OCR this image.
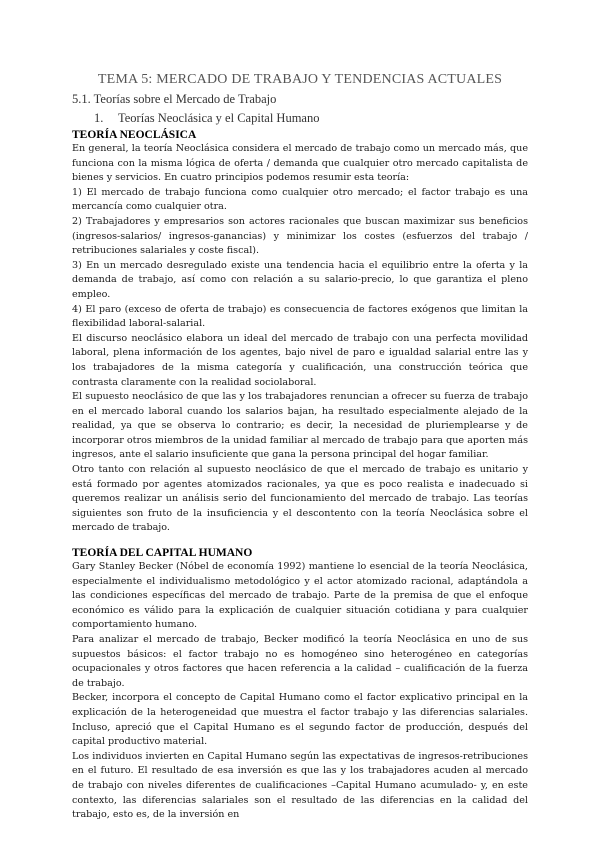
TEMA 5: MERCADO DE TRABAJO Y TENDENCIAS ACTUALES
5.1. Teorías sobre el Mercado de Trabajo
1. Teorías Neoclásica y el Capital Humano
TEORÍA NEOCLÁSICA

En general, la teoría Neoclásica considera el mercado de trabajo como un mercado más, que funciona con la misma lógica de oferta / demanda que cualquier otro mercado capitalista de bienes y servicios. En cuatro principios podemos resumir esta teoría:

1) El mercado de trabajo funciona como cualquier otro mercado; el factor trabajo es una mercancía como cualquier otra.

2) Trabajadores y empresarios son actores racionales que buscan maximizar sus beneficios (ingresos-salarios/ ingresos-ganancias) y minimizar los costes (esfuerzos del trabajo / retribuciones salariales y coste fiscal).

3) En un mercado desregulado existe una tendencia hacia el equilibrio entre la oferta y la demanda de trabajo, así como con relación a su salario-precio, lo que garantiza el pleno empleo.

4) El paro (exceso de oferta de trabajo) es consecuencia de factores exógenos que limitan la flexibilidad laboral-salarial.

El discurso neoclásico elabora un ideal del mercado de trabajo con una perfecta movilidad laboral, plena información de los agentes, bajo nivel de paro e igualdad salarial entre las y los trabajadores de la misma categoría y cualificación, una construcción teórica que contrasta claramente con la realidad sociolaboral.

El supuesto neoclásico de que las y los trabajadores renuncian a ofrecer su fuerza de trabajo en el mercado laboral cuando los salarios bajan, ha resultado especialmente alejado de la realidad, ya que se observa lo contrario; es decir, la necesidad de pluriemplearse y de incorporar otros miembros de la unidad familiar al mercado de trabajo para que aporten más ingresos, ante el salario insuficiente que gana la persona principal del hogar familiar.

Otro tanto con relación al supuesto neoclásico de que el mercado de trabajo es unitario y está formado por agentes atomizados racionales, ya que es poco realista e inadecuado si queremos realizar un análisis serio del funcionamiento del mercado de trabajo. Las teorías siguientes son fruto de la insuficiencia y el descontento con la teoría Neoclásica sobre el mercado de trabajo.

TEORÍA DEL CAPITAL HUMANO

Gary Stanley Becker (Nóbel de economía 1992) mantiene lo esencial de la teoría Neoclásica, especialmente el individualismo metodológico y el actor atomizado racional, adaptándola a las condiciones específicas del mercado de trabajo. Parte de la premisa de que el enfoque económico es válido para la explicación de cualquier situación cotidiana y para cualquier comportamiento humano.

Para analizar el mercado de trabajo, Becker modificó la teoría Neoclásica en uno de sus supuestos básicos: el factor trabajo no es homogéneo sino heterogéneo en categorías ocupacionales y otros factores que hacen referencia a la calidad – cualificación de la fuerza de trabajo.

Becker, incorpora el concepto de Capital Humano como el factor explicativo principal en la explicación de la heterogeneidad que muestra el factor trabajo y las diferencias salariales. Incluso, apreció que el Capital Humano es el segundo factor de producción, después del capital productivo material.

Los individuos invierten en Capital Humano según las expectativas de ingresos-retribuciones en el futuro. El resultado de esa inversión es que las y los trabajadores acuden al mercado de trabajo con niveles diferentes de cualificaciones –Capital Humano acumulado- y, en este contexto, las diferencias salariales son el resultado de las diferencias en la calidad del trabajo, esto es, de la inversión en
